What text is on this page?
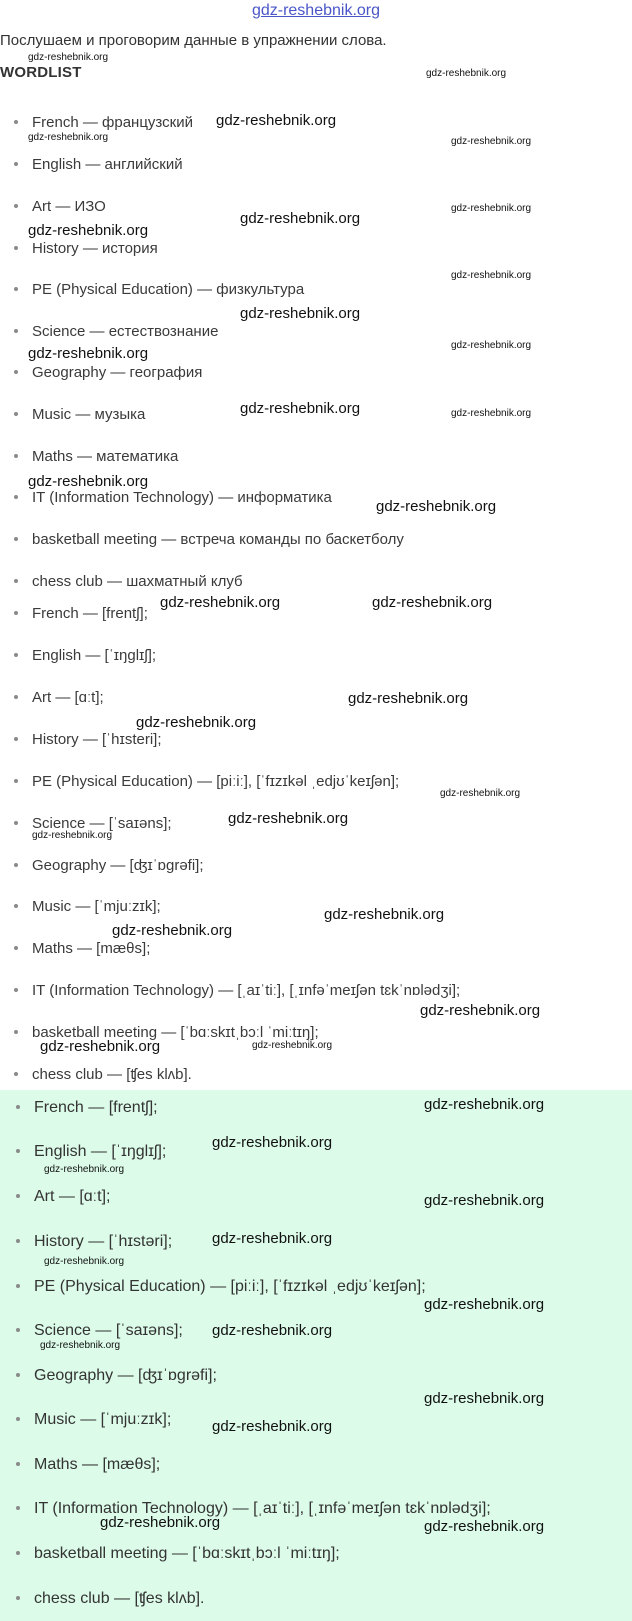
gdz-reshebnik.org
Послушаем и проговорим данные в упражнении слова.
WORDLIST
French — французский
English — английский
Art — ИЗО
History — история
PE (Physical Education) — физкультура
Science — естествознание
Geography — география
Music — музыка
Maths — математика
IT (Information Technology) — информатика
basketball meeting — встреча команды по баскетболу
chess club — шахматный клуб
French — [frentʃ];
English — [ˈɪŋglɪʃ];
Art — [ɑːt];
History — [ˈhɪsteri];
PE (Physical Education) — [piːiː], [ˈfɪzɪkəl ˌedjʊˈkeɪʃən];
Science — [ˈsaɪəns];
Geography — [ʤɪˈɒgrəfi];
Music — [ˈmjuːzɪk];
Maths — [mæθs];
IT (Information Technology) — [ˌaɪˈtiː], [ˌɪnfəˈmeɪʃən tɛkˈnɒlədʒi];
basketball meeting — [ˈbɑːskɪtˌbɔːl ˈmiːtɪŋ];
chess club — [ʧes klʌb].
French — [frentʃ];
English — [ˈɪŋglɪʃ];
Art — [ɑːt];
History — [ˈhɪstəri];
PE (Physical Education) — [piːiː], [ˈfɪzɪkəl ˌedjʊˈkeɪʃən];
Science — [ˈsaɪəns];
Geography — [ʤɪˈɒgrəfi];
Music — [ˈmjuːzɪk];
Maths — [mæθs];
IT (Information Technology) — [ˌaɪˈtiː], [ˌɪnfəˈmeɪʃən tɛkˈnɒlədʒi];
basketball meeting — [ˈbɑːskɪtˌbɔːl ˈmiːtɪŋ];
chess club — [ʧes klʌb].
gdz-reshebnik.org
gdz-reshebnik.org
gdz-reshebnik.org
gdz-reshebnik.org	gdz-reshebnik.org
gdz-reshebnik.org
gdz-reshebnik.org
gdz-reshebnik.org
gdz-reshebnik.org
gdz-reshebnik.org
gdz-reshebnik.org
gdz-reshebnik.org
gdz-reshebnik.org	gdz-reshebnik.org
gdz-reshebnik.org
gdz-reshebnik.org
gdz-reshebnik.org	gdz-reshebnik.org
gdz-reshebnik.org
gdz-reshebnik.org
gdz-reshebnik.org
gdz-reshebnik.org
gdz-reshebnik.org
gdz-reshebnik.org
gdz-reshebnik.org
gdz-reshebnik.org
gdz-reshebnik.org	gdz-reshebnik.org
gdz-reshebnik.org
gdz-reshebnik.org
gdz-reshebnik.org
gdz-reshebnik.org
gdz-reshebnik.org
gdz-reshebnik.org
gdz-reshebnik.org
gdz-reshebnik.org
gdz-reshebnik.org
gdz-reshebnik.org
gdz-reshebnik.org
gdz-reshebnik.org	gdz-reshebnik.org
